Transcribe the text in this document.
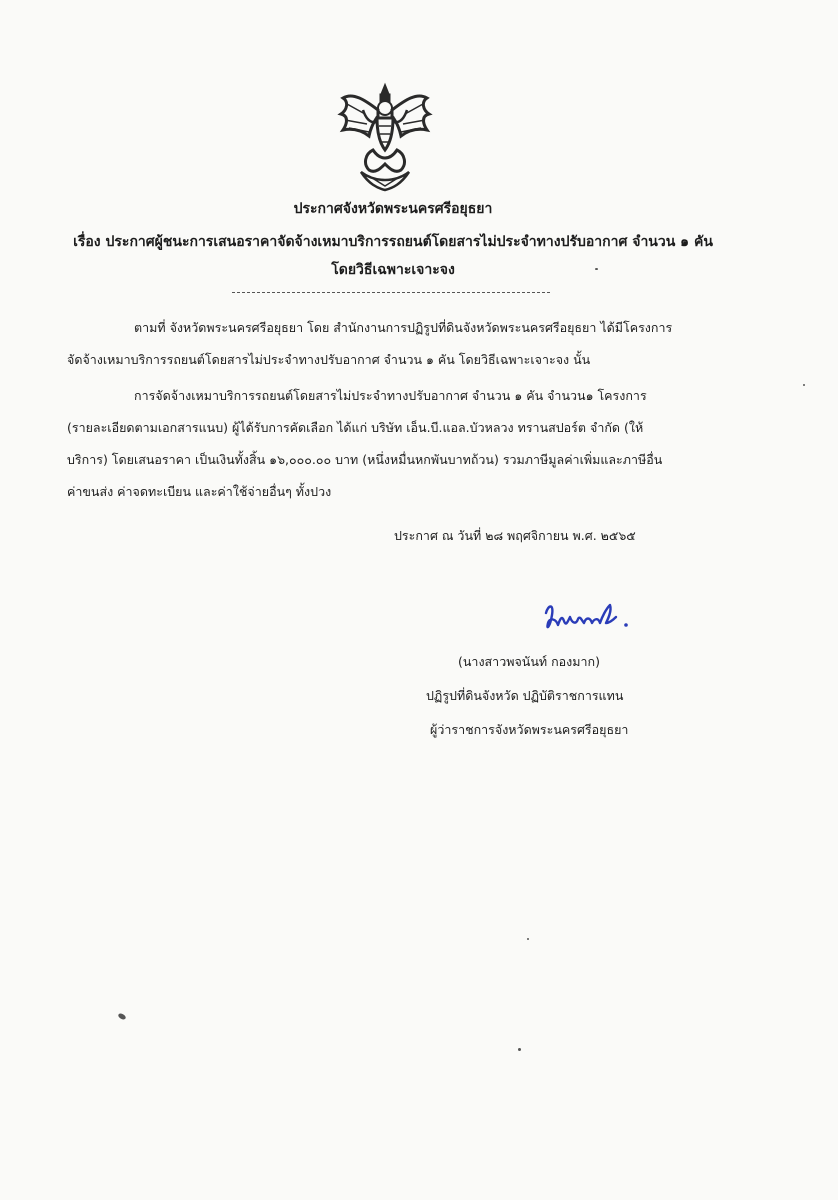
ประกาศจังหวัดพระนครศรีอยุธยา
เรื่อง ประกาศผู้ชนะการเสนอราคาจัดจ้างเหมาบริการรถยนต์โดยสารไม่ประจำทางปรับอากาศ จำนวน ๑ คัน
โดยวิธีเฉพาะเจาะจง
ตามที่ จังหวัดพระนครศรีอยุธยา โดย สำนักงานการปฏิรูปที่ดินจังหวัดพระนครศรีอยุธยา ได้มีโครงการ
จัดจ้างเหมาบริการรถยนต์โดยสารไม่ประจำทางปรับอากาศ จำนวน ๑ คัน โดยวิธีเฉพาะเจาะจง นั้น
การจัดจ้างเหมาบริการรถยนต์โดยสารไม่ประจำทางปรับอากาศ จำนวน ๑ คัน จำนวน๑ โครงการ
(รายละเอียดตามเอกสารแนบ) ผู้ได้รับการคัดเลือก ได้แก่ บริษัท เอ็น.บี.แอล.บัวหลวง ทรานสปอร์ต จำกัด (ให้
บริการ) โดยเสนอราคา เป็นเงินทั้งสิ้น ๑๖,๐๐๐.๐๐ บาท (หนึ่งหมื่นหกพันบาทถ้วน) รวมภาษีมูลค่าเพิ่มและภาษีอื่น
ค่าขนส่ง ค่าจดทะเบียน และค่าใช้จ่ายอื่นๆ ทั้งปวง
ประกาศ ณ วันที่ ๒๘ พฤศจิกายน พ.ศ. ๒๕๖๕
(นางสาวพจนันท์ กองมาก)
ปฏิรูปที่ดินจังหวัด ปฏิบัติราชการแทน
ผู้ว่าราชการจังหวัดพระนครศรีอยุธยา
